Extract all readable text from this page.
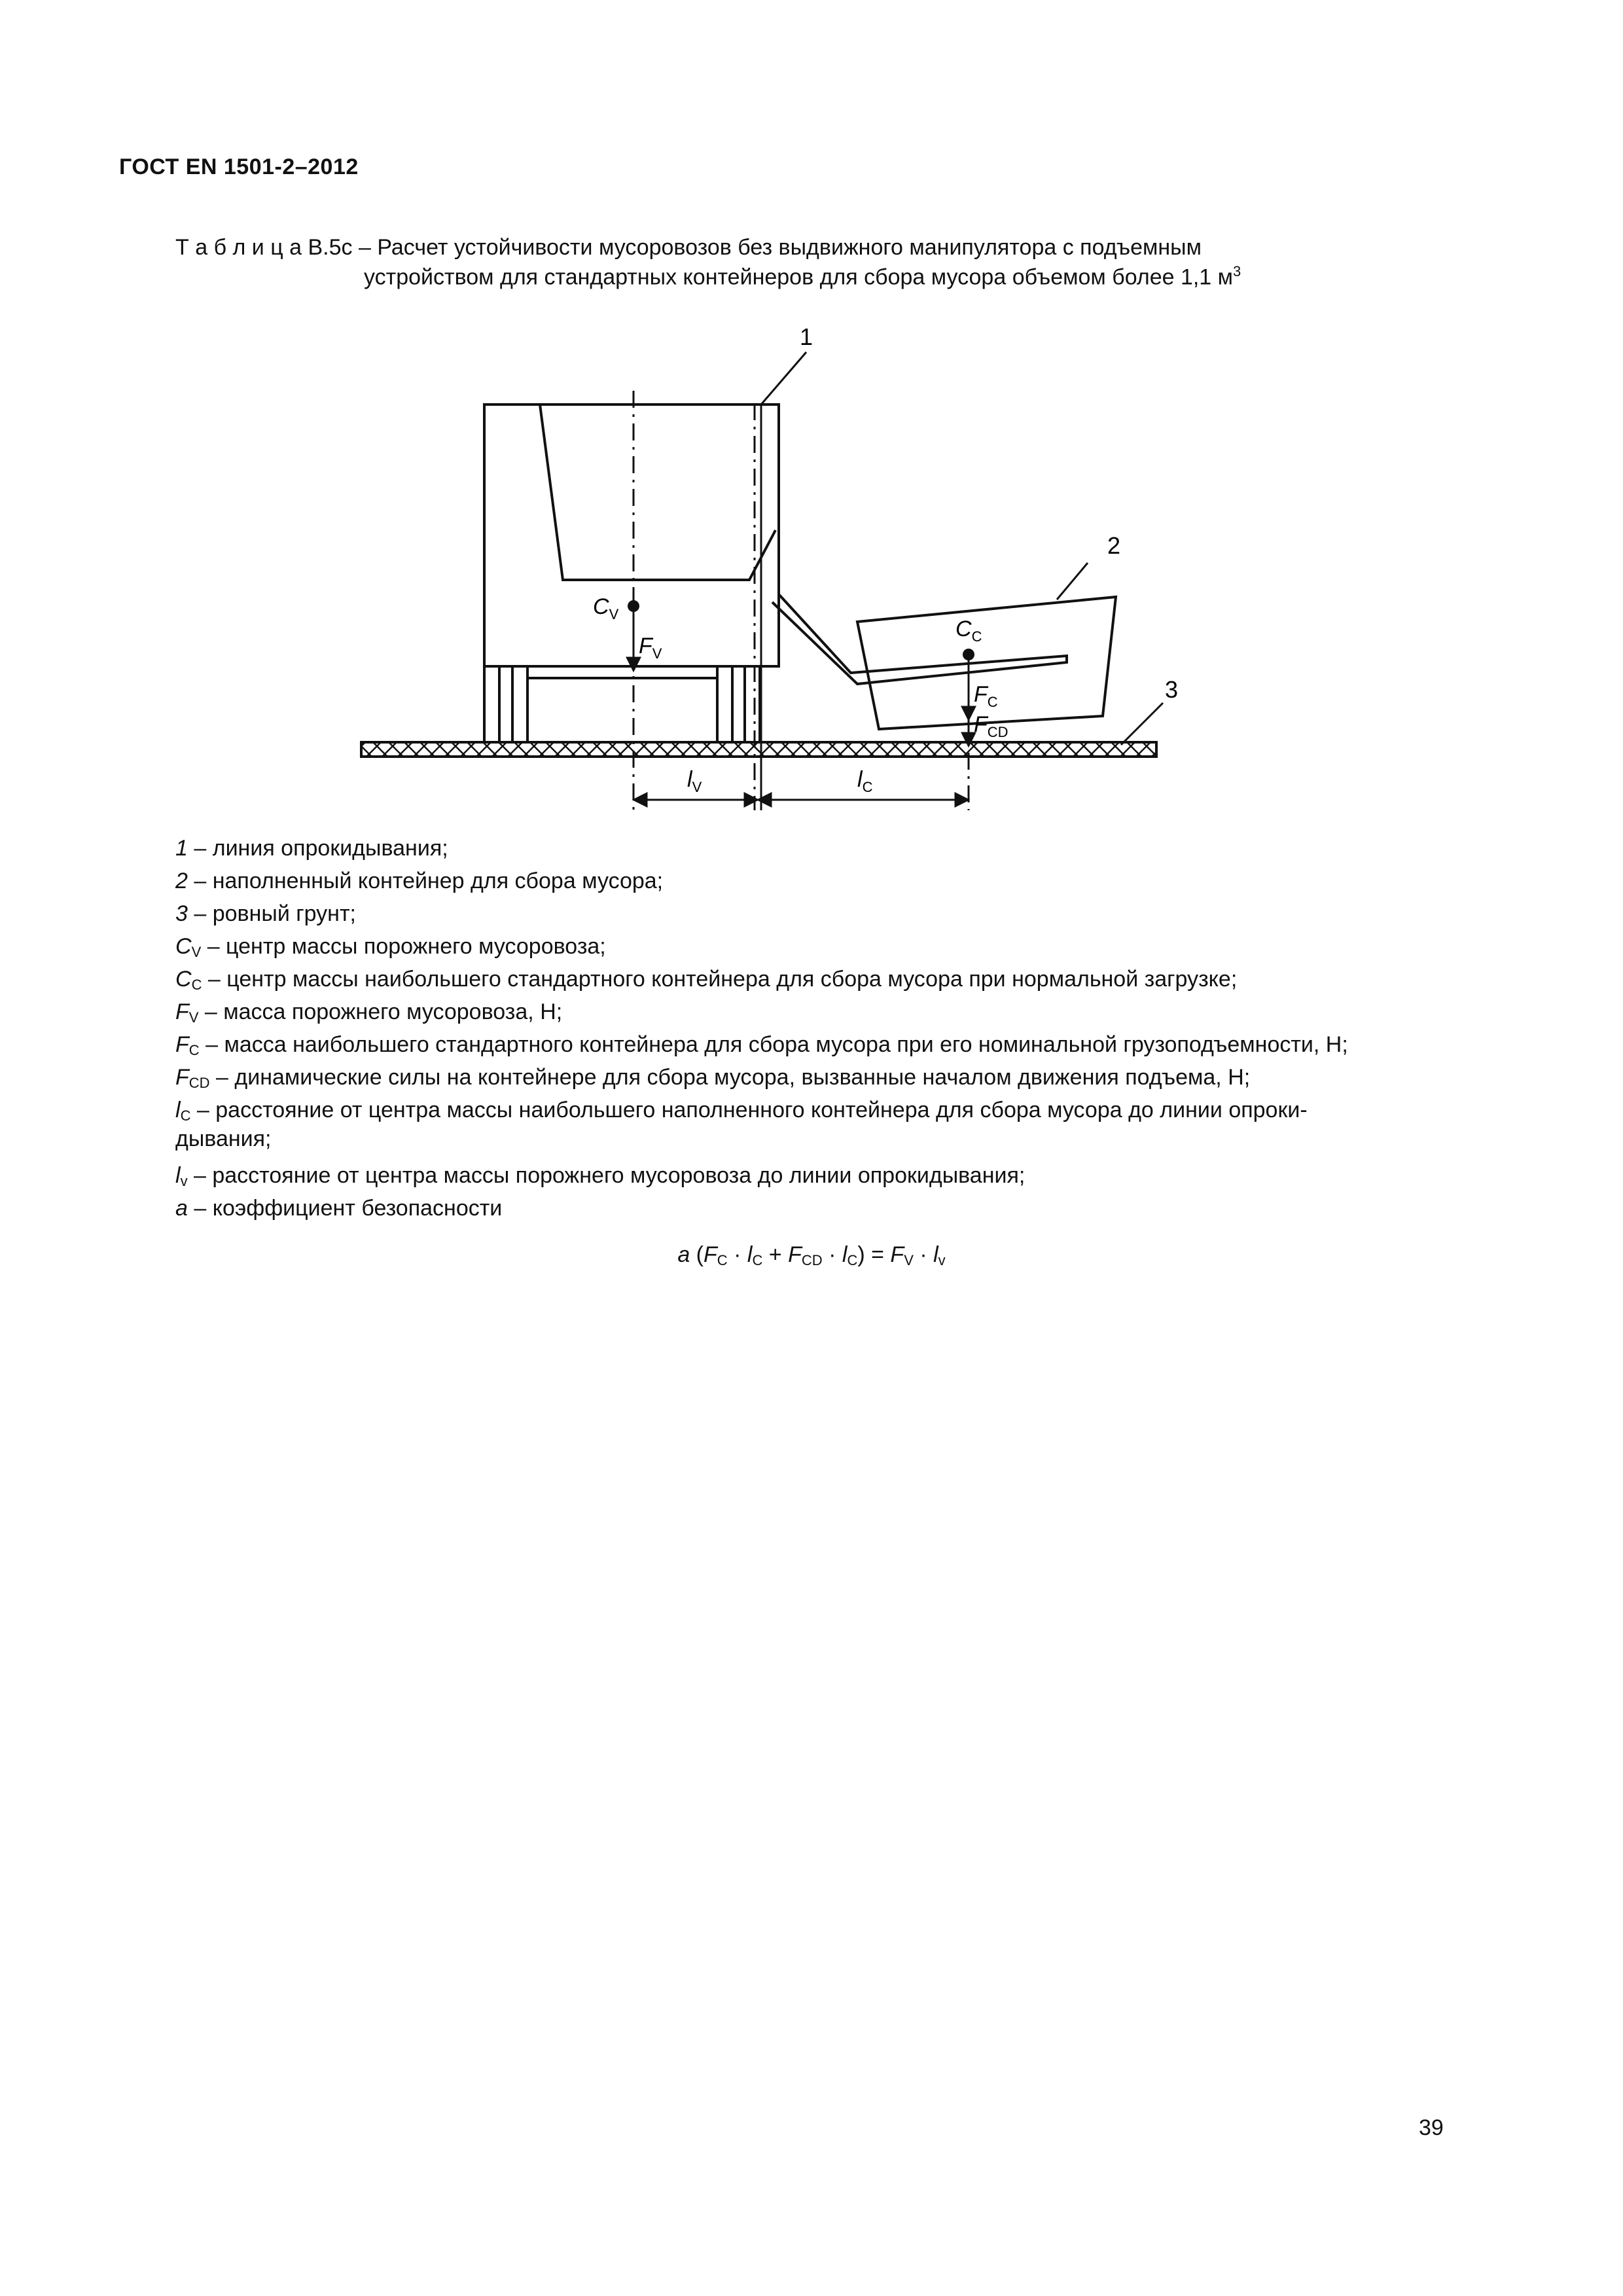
ГОСТ EN 1501-2–2012
Т а б л и ц а В.5с – Расчет устойчивости мусоровозов без выдвижного манипулятора с подъемным
устройством для стандартных контейнеров для сбора мусора объемом более 1,1 $м^3$
1
2
3
$C_V$
$F_V$
$C_C$
$F_C$
$F_{CD}$
$l_V$	$l_C$
1 – линия опрокидывания;
2 – наполненный контейнер для сбора мусора;
3 – ровный грунт;
$C_V$ – центр массы порожнего мусоровоза;
$C_C$ – центр массы наибольшего стандартного контейнера для сбора мусора при нормальной загрузке;
$F_V$ – масса порожнего мусоровоза, Н;
$F_C$ – масса наибольшего стандартного контейнера для сбора мусора при его номинальной грузоподъемности, Н;
$F_{CD}$ – динамические силы на контейнере для сбора мусора, вызванные началом движения подъема, Н;
$l_C$ – расстояние от центра массы наибольшего наполненного контейнера для сбора мусора до линии опроки-
дывания;
$l_v$ – расстояние от центра массы порожнего мусоровоза до линии опрокидывания;
a – коэффициент безопасности
a $(F_C \cdot l_C + F_{CD} \cdot l_C) = F_V \cdot l_v$
39
